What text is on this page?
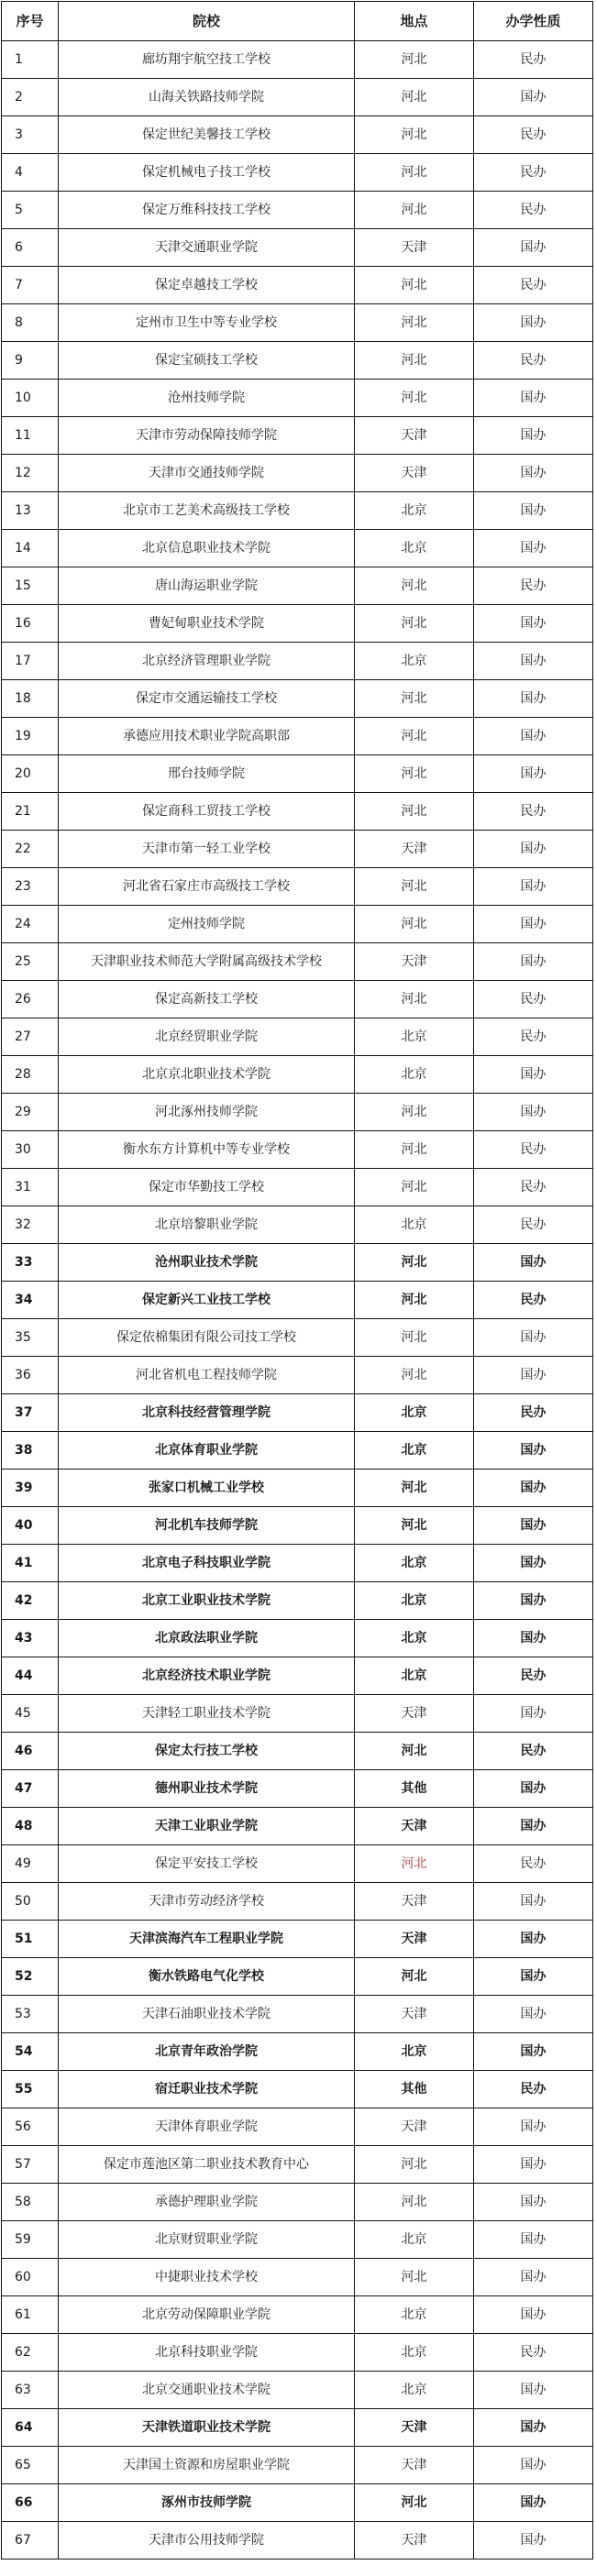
序号	院校	地点	办学性质
1	廊坊翔宇航空技工学校	河北	民办
2	山海关铁路技师学院	河北	国办
3	保定世纪美馨技工学校	河北	民办
4	保定机械电子技工学校	河北	民办
5	保定万维科技技工学校	河北	民办
6	天津交通职业学院	天津	国办
7	保定卓越技工学校	河北	民办
8	定州市卫生中等专业学校	河北	国办
9	保定宝硕技工学校	河北	民办
10	沧州技师学院	河北	国办
11	天津市劳动保障技师学院	天津	国办
12	天津市交通技师学院	天津	国办
13	北京市工艺美术高级技工学校	北京	国办
14	北京信息职业技术学院	北京	国办
15	唐山海运职业学院	河北	民办
16	曹妃甸职业技术学院	河北	国办
17	北京经济管理职业学院	北京	国办
18	保定市交通运输技工学校	河北	国办
19	承德应用技术职业学院高职部	河北	国办
20	邢台技师学院	河北	国办
21	保定商科工贸技工学校	河北	民办
22	天津市第一轻工业学校	天津	国办
23	河北省石家庄市高级技工学校	河北	国办
24	定州技师学院	河北	国办
25	天津职业技术师范大学附属高级技术学校	天津	国办
26	保定高新技工学校	河北	民办
27	北京经贸职业学院	北京	民办
28	北京京北职业技术学院	北京	国办
29	河北涿州技师学院	河北	国办
30	衡水东方计算机中等专业学校	河北	民办
31	保定市华勤技工学校	河北	民办
32	北京培黎职业学院	北京	民办
33	沧州职业技术学院	河北	国办
34	保定新兴工业技工学校	河北	民办
35	保定依棉集团有限公司技工学校	河北	国办
36	河北省机电工程技师学院	河北	国办
37	北京科技经营管理学院	北京	民办
38	北京体育职业学院	北京	国办
39	张家口机械工业学校	河北	国办
40	河北机车技师学院	河北	国办
41	北京电子科技职业学院	北京	国办
42	北京工业职业技术学院	北京	国办
43	北京政法职业学院	北京	国办
44	北京经济技术职业学院	北京	民办
45	天津轻工职业技术学院	天津	国办
46	保定太行技工学校	河北	民办
47	德州职业技术学院	其他	国办
48	天津工业职业学院	天津	国办
49	保定平安技工学校	河北	民办
50	天津市劳动经济学校	天津	国办
51	天津滨海汽车工程职业学院	天津	国办
52	衡水铁路电气化学校	河北	国办
53	天津石油职业技术学院	天津	国办
54	北京青年政治学院	北京	国办
55	宿迁职业技术学院	其他	民办
56	天津体育职业学院	天津	国办
57	保定市莲池区第二职业技术教育中心	河北	国办
58	承德护理职业学院	河北	国办
59	北京财贸职业学院	北京	国办
60	中捷职业技术学校	河北	国办
61	北京劳动保障职业学院	北京	国办
62	北京科技职业学院	北京	民办
63	北京交通职业技术学院	北京	国办
64	天津铁道职业技术学院	天津	国办
65	天津国土资源和房屋职业学院	天津	国办
66	涿州市技师学院	河北	国办
67	天津市公用技师学院	天津	国办
